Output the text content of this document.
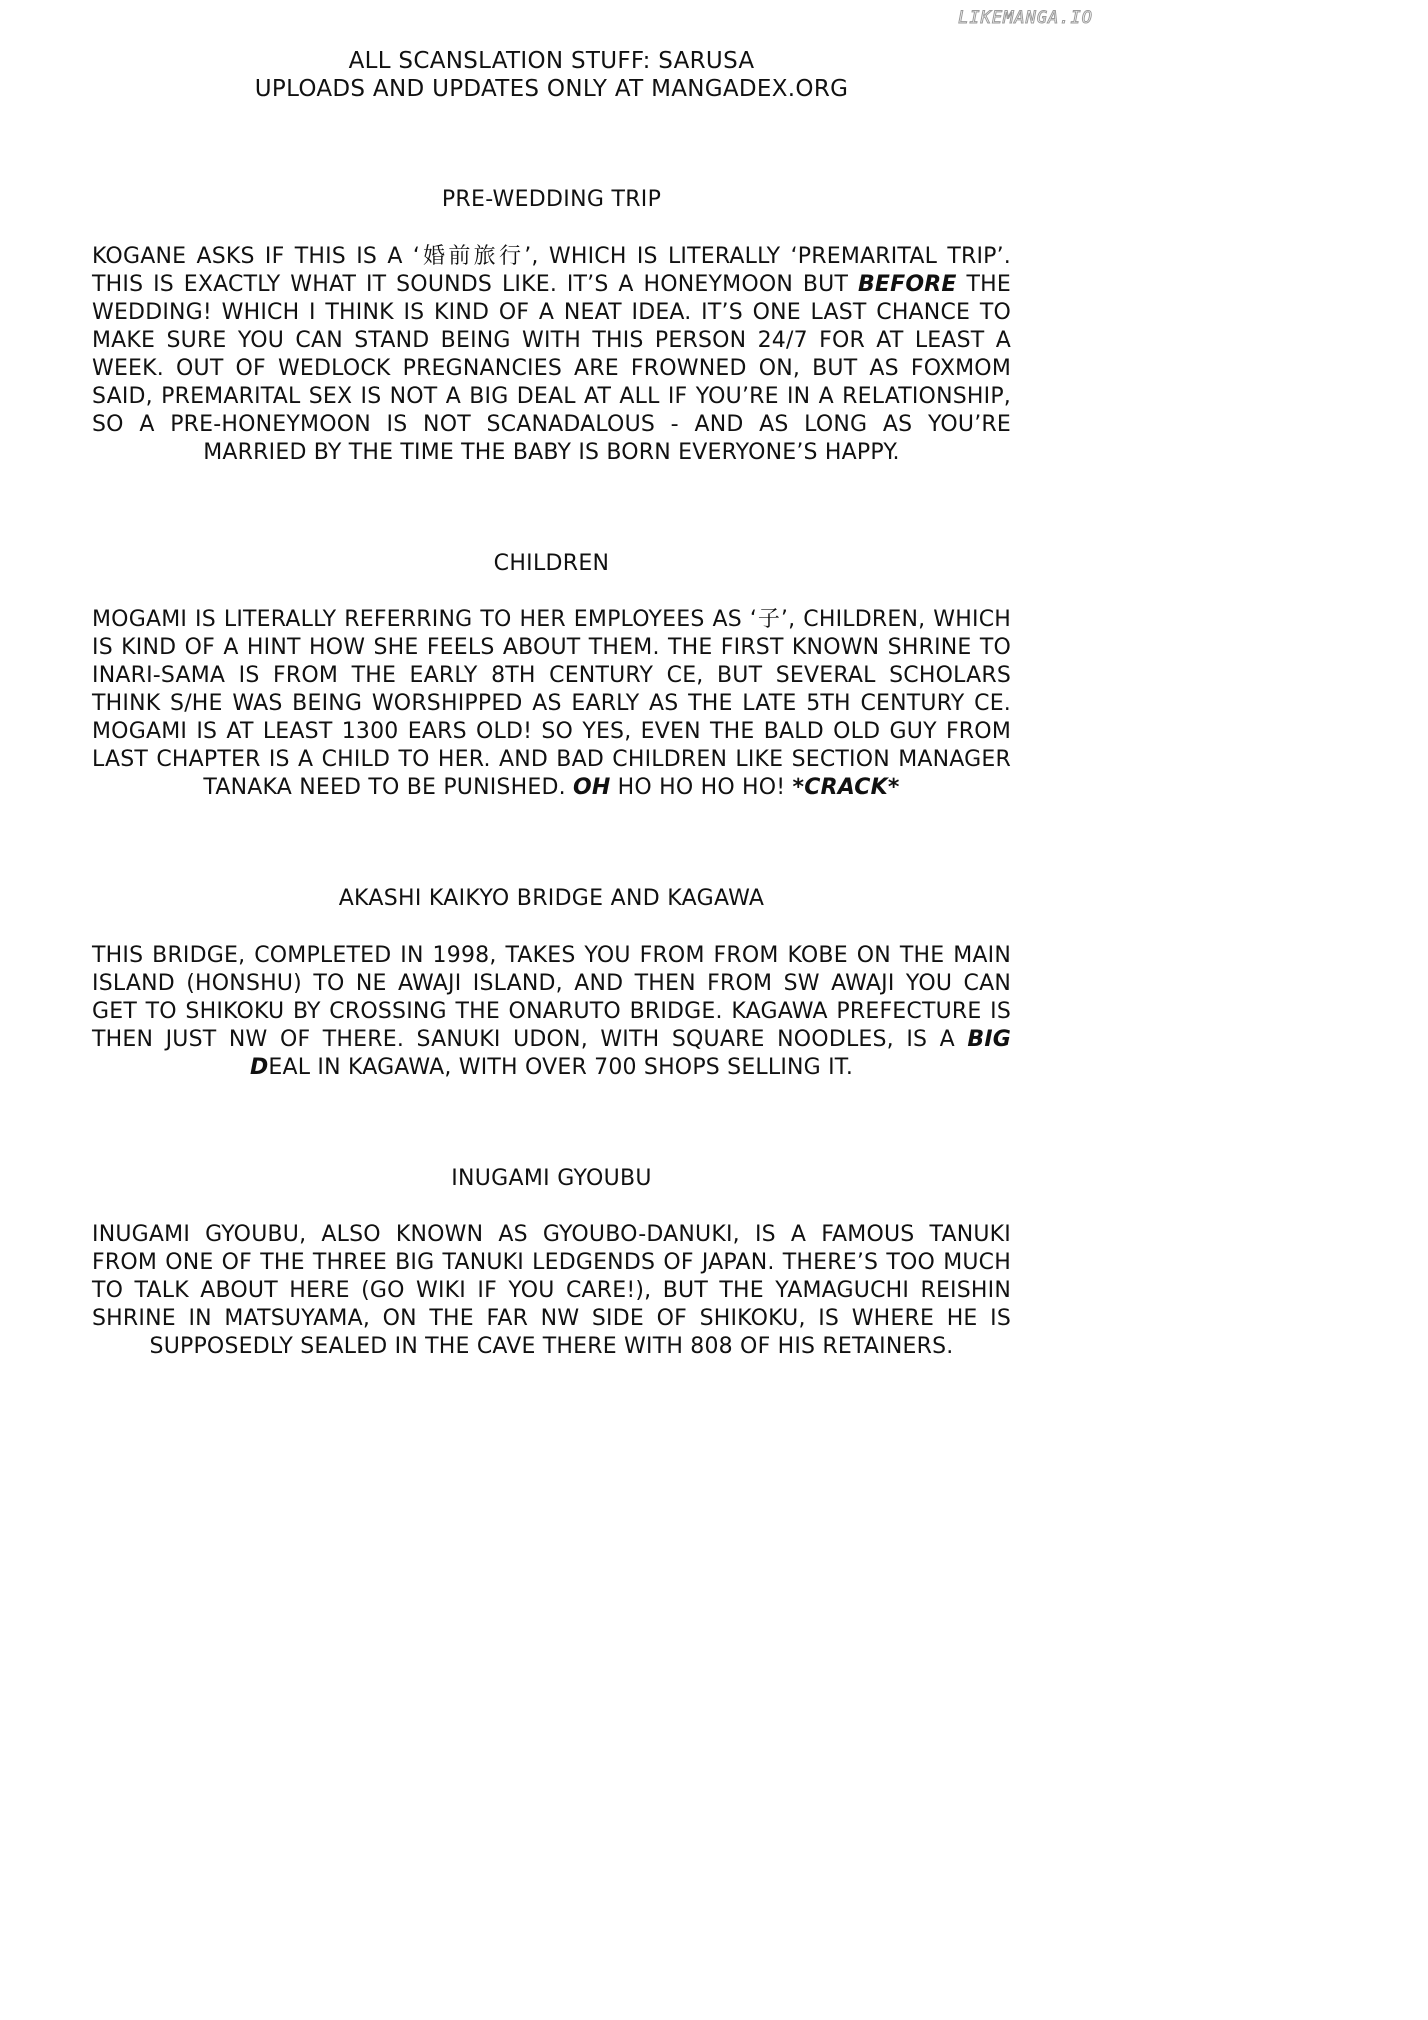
LIKEMANGA.IO
ALL SCANSLATION STUFF: SARUSA
UPLOADS AND UPDATES ONLY AT MANGADEX.ORG
PRE-WEDDING TRIP
KOGANE ASKS IF THIS IS A ‘婚前旅行’, WHICH IS LITERALLY ‘PREMARITAL TRIP’. THIS IS EXACTLY WHAT IT SOUNDS LIKE. IT’S A HONEYMOON BUT BEFORE THE WEDDING! WHICH I THINK IS KIND OF A NEAT IDEA. IT’S ONE LAST CHANCE TO MAKE SURE YOU CAN STAND BEING WITH THIS PERSON 24/7 FOR AT LEAST A WEEK. OUT OF WEDLOCK PREGNANCIES ARE FROWNED ON, BUT AS FOXMOM SAID, PREMARITAL SEX IS NOT A BIG DEAL AT ALL IF YOU’RE IN A RELATIONSHIP, SO A PRE-HONEYMOON IS NOT SCANADALOUS - AND AS LONG AS YOU’RE MARRIED BY THE TIME THE BABY IS BORN EVERYONE’S HAPPY.
CHILDREN
MOGAMI IS LITERALLY REFERRING TO HER EMPLOYEES AS ‘子’, CHILDREN, WHICH IS KIND OF A HINT HOW SHE FEELS ABOUT THEM. THE FIRST KNOWN SHRINE TO INARI-SAMA IS FROM THE EARLY 8TH CENTURY CE, BUT SEVERAL SCHOLARS THINK S/HE WAS BEING WORSHIPPED AS EARLY AS THE LATE 5TH CENTURY CE. MOGAMI IS AT LEAST 1300 EARS OLD! SO YES, EVEN THE BALD OLD GUY FROM LAST CHAPTER IS A CHILD TO HER. AND BAD CHILDREN LIKE SECTION MANAGER TANAKA NEED TO BE PUNISHED. OH HO HO HO HO! *CRACK*
AKASHI KAIKYO BRIDGE AND KAGAWA
THIS BRIDGE, COMPLETED IN 1998, TAKES YOU FROM FROM KOBE ON THE MAIN ISLAND (HONSHU) TO NE AWAJI ISLAND, AND THEN FROM SW AWAJI YOU CAN GET TO SHIKOKU BY CROSSING THE ONARUTO BRIDGE. KAGAWA PREFECTURE IS THEN JUST NW OF THERE. SANUKI UDON, WITH SQUARE NOODLES, IS A BIG DEAL IN KAGAWA, WITH OVER 700 SHOPS SELLING IT.
INUGAMI GYOUBU
INUGAMI GYOUBU, ALSO KNOWN AS GYOUBO-DANUKI, IS A FAMOUS TANUKI FROM ONE OF THE THREE BIG TANUKI LEDGENDS OF JAPAN. THERE’S TOO MUCH TO TALK ABOUT HERE (GO WIKI IF YOU CARE!), BUT THE YAMAGUCHI REISHIN SHRINE IN MATSUYAMA, ON THE FAR NW SIDE OF SHIKOKU, IS WHERE HE IS SUPPOSEDLY SEALED IN THE CAVE THERE WITH 808 OF HIS RETAINERS.
